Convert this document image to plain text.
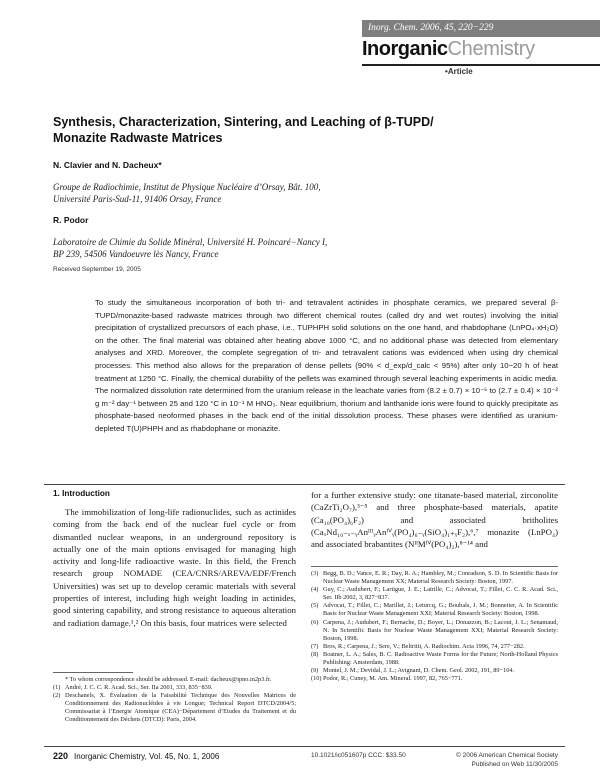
Inorg. Chem. 2006, 45, 220−229
InorganicChemistry
• Article
Synthesis, Characterization, Sintering, and Leaching of β-TUPD/
Monazite Radwaste Matrices
N. Clavier and N. Dacheux*
Groupe de Radiochimie, Institut de Physique Nucléaire d’Orsay, Bât. 100,
Université Paris-Sud-11, 91406 Orsay, France
R. Podor
Laboratoire de Chimie du Solide Minéral, Université H. Poincaré−Nancy I,
BP 239, 54506 Vandoeuvre lès Nancy, France
Received September 19, 2005

To study the simultaneous incorporation of both tri- and tetravalent actinides in phosphate ceramics, we prepared several β-TUPD/monazite-based radwaste matrices through two different chemical routes (called dry and wet routes) involving the initial precipitation of crystallized precursors of each phase, i.e., TUPHPH solid solutions on the one hand, and rhabdophane (LnPO₄·xH₂O) on the other. The final material was obtained after heating above 1000 °C, and no additional phase was detected from elementary analyses and XRD. Moreover, the complete segregation of tri- and tetravalent cations was evidenced when using dry chemical processes. This method also allows for the preparation of dense pellets (90% < d_exp/d_calc < 95%) after only 10−20 h of heat treatment at 1250 °C. Finally, the chemical durability of the pellets was examined through several leaching experiments in acidic media. The normalized dissolution rate determined from the uranium release in the leachate varies from (8.2 ± 0.7) × 10⁻⁶ to (2.7 ± 0.4) × 10⁻² g m⁻² day⁻¹ between 25 and 120 °C in 10⁻¹ M HNO₃. Near equilibrium, thorium and lanthanide ions were found to quickly precipitate as phosphate-based neoformed phases in the back end of the initial dissolution process. These phases were identified as uranium-depleted T(U)PHPH and as rhabdophane or monazite.

1. Introduction

The immobilization of long-life radionuclides, such as actinides coming from the back end of the nuclear fuel cycle or from dismantled nuclear weapons, in an underground repository is actually one of the main options envisaged for managing high activity and long-life radioactive waste. In this field, the French research group NOMADE (CEA/CNRS/AREVA/EDF/French Universities) was set up to develop ceramic materials with several properties of interest, including high weight loading in actinides, good sintering capability, and strong resistance to aqueous alteration and radiation damage.¹,² On this basis, four matrices were selected

* To whom correspondence should be addressed. E-mail: dacheux@ipno.in2p3.fr.
(1) André, J. C. C. R. Acad. Sci., Ser. IIa 2001, 333, 835−839.
(2) Deschanels, X. Évaluation de la Faisabilité Technique des Nouvelles Matrices de Conditionnement des Radionucléides à vie Longue; Technical Report DTCD/2004/5; Commissariat à l’Energie Atomique (CEA)−Département d’Etudes du Traitement et du Conditionnement des Déchets (DTCD): Paris, 2004.

for a further extensive study: one titanate-based material, zirconolite (CaZrTi₂O₇),³⁻⁵ and three phosphate-based materials, apatite (Ca₁₀(PO₄)₆F₂) and associated britholites (CaₓNd₁₀₋ₓ₋ᵧAnᴵᴵᴵᵧAnᴵⱽᵧ(PO₄)₆₋ᵧ(SiO₄)₁₊ᵧF₂),⁶,⁷ monazite (LnPO₄) and associated brabantites (NᴵᴵMᴵⱽ(PO₄)₂),⁸⁻¹⁴ and

(3) Begg, B. D.; Vance, E. R.; Day, R. A.; Hambley, M.; Conradson, S. D. In Scientific Basis for Nuclear Waste Management XX; Material Research Society: Boston, 1997.
(4) Guy, C.; Audubert, F.; Lartigue, J. E.; Latrille, C.; Advocat, T.; Fillet, C. C. R. Acad. Sci., Ser. IIb 2002, 3, 827−837.
(5) Advocat, T.; Fillet, C.; Marillet, J.; Leturcq, G.; Boubals, J. M.; Bonnetier, A. In Scientific Basis for Nuclear Waste Management XXI; Material Research Society: Boston, 1998.
(6) Carpena, J.; Audubert, F.; Bernache, D.; Boyer, L.; Donazzon, B.; Lacout, J. L.; Senamaud, N. In Scientific Basis for Nuclear Waste Management XXI; Material Research Society: Boston, 1998.
(7) Bros, R.; Carpena, J.; Sere, V.; Beltritti, A. Radiochim. Acta 1996, 74, 277−282.
(8) Boatner, L. A.; Sales, B. C. Radioactive Waste Forms for the Future; North-Holland Physics Publishing: Amsterdam, 1988.
(9) Montel, J. M.; Devidal, J. L.; Avignant, D. Chem. Geol. 2002, 191, 89−104.
(10) Podor, R.; Cuney, M. Am. Mineral. 1997, 82, 765−771.
220 Inorganic Chemistry, Vol. 45, No. 1, 2006	10.1021/ic051607p CCC: $33.50	© 2006 American Chemical Society
Published on Web 11/30/2005
